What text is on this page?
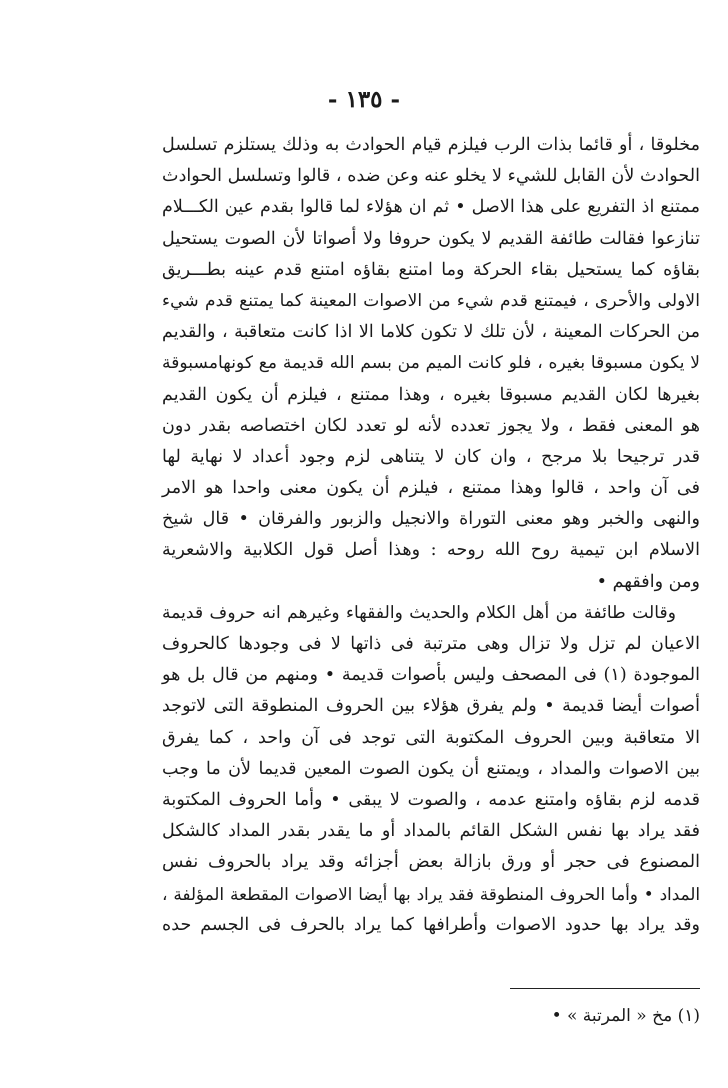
- ١٣٥ -
مخلوقا ، أو قائما بذات الرب فيلزم قيام الحوادث به وذلك يستلزم تسلسل
الحوادث لأن القابل للشيء لا يخلو عنه وعن ضده ، قالوا وتسلسل الحوادث
ممتنع اذ التفريع على هذا الاصل • ثم ان هؤلاء لما قالوا بقدم عين الكـــلام
تنازعوا فقالت طائفة القديم لا يكون حروفا ولا أصواتا لأن الصوت يستحيل
بقاؤه كما يستحيل بقاء الحركة وما امتنع بقاؤه امتنع قدم عينه بطـــريق
الاولى والأحرى ، فيمتنع قدم شيء من الاصوات المعينة كما يمتنع قدم شيء
من الحركات المعينة ، لأن تلك لا تكون كلاما الا اذا كانت متعاقبة ، والقديم
لا يكون مسبوقا بغيره ، فلو كانت الميم من بسم الله قديمة مع كونهامسبوقة
بغيرها لكان القديم مسبوقا بغيره ، وهذا ممتنع ، فيلزم أن يكون القديم
هو المعنى فقط ، ولا يجوز تعدده لأنه لو تعدد لكان اختصاصه بقدر دون
قدر ترجيحا بلا مرجح ، وان كان لا يتناهى لزم وجود أعداد لا نهاية لها
فى آن واحد ، قالوا وهذا ممتنع ، فيلزم أن يكون معنى واحدا هو الامر
والنهى والخبر وهو معنى التوراة والانجيل والزبور والفرقان • قال شيخ
الاسلام ابن تيمية روح الله روحه : وهذا أصل قول الكلابية والاشعرية
ومن وافقهم •
وقالت طائفة من أهل الكلام والحديث والفقهاء وغيرهم انه حروف قديمة
الاعيان لم تزل ولا تزال وهى مترتبة فى ذاتها لا فى وجودها كالحروف
الموجودة (١) فى المصحف وليس بأصوات قديمة • ومنهم من قال بل هو
أصوات أيضا قديمة • ولم يفرق هؤلاء بين الحروف المنطوقة التى لاتوجد
الا متعاقبة وبين الحروف المكتوبة التى توجد فى آن واحد ، كما يفرق
بين الاصوات والمداد ، ويمتنع أن يكون الصوت المعين قديما لأن ما وجب
قدمه لزم بقاؤه وامتنع عدمه ، والصوت لا يبقى • وأما الحروف المكتوبة
فقد يراد بها نفس الشكل القائم بالمداد أو ما يقدر بقدر المداد كالشكل
المصنوع فى حجر أو ورق بازالة بعض أجزائه وقد يراد بالحروف نفس
المداد • وأما الحروف المنطوقة فقد يراد بها أيضا الاصوات المقطعة المؤلفة ،
وقد يراد بها حدود الاصوات وأطرافها كما يراد بالحرف فى الجسم حده
(١) مخ « المرتبة » •
